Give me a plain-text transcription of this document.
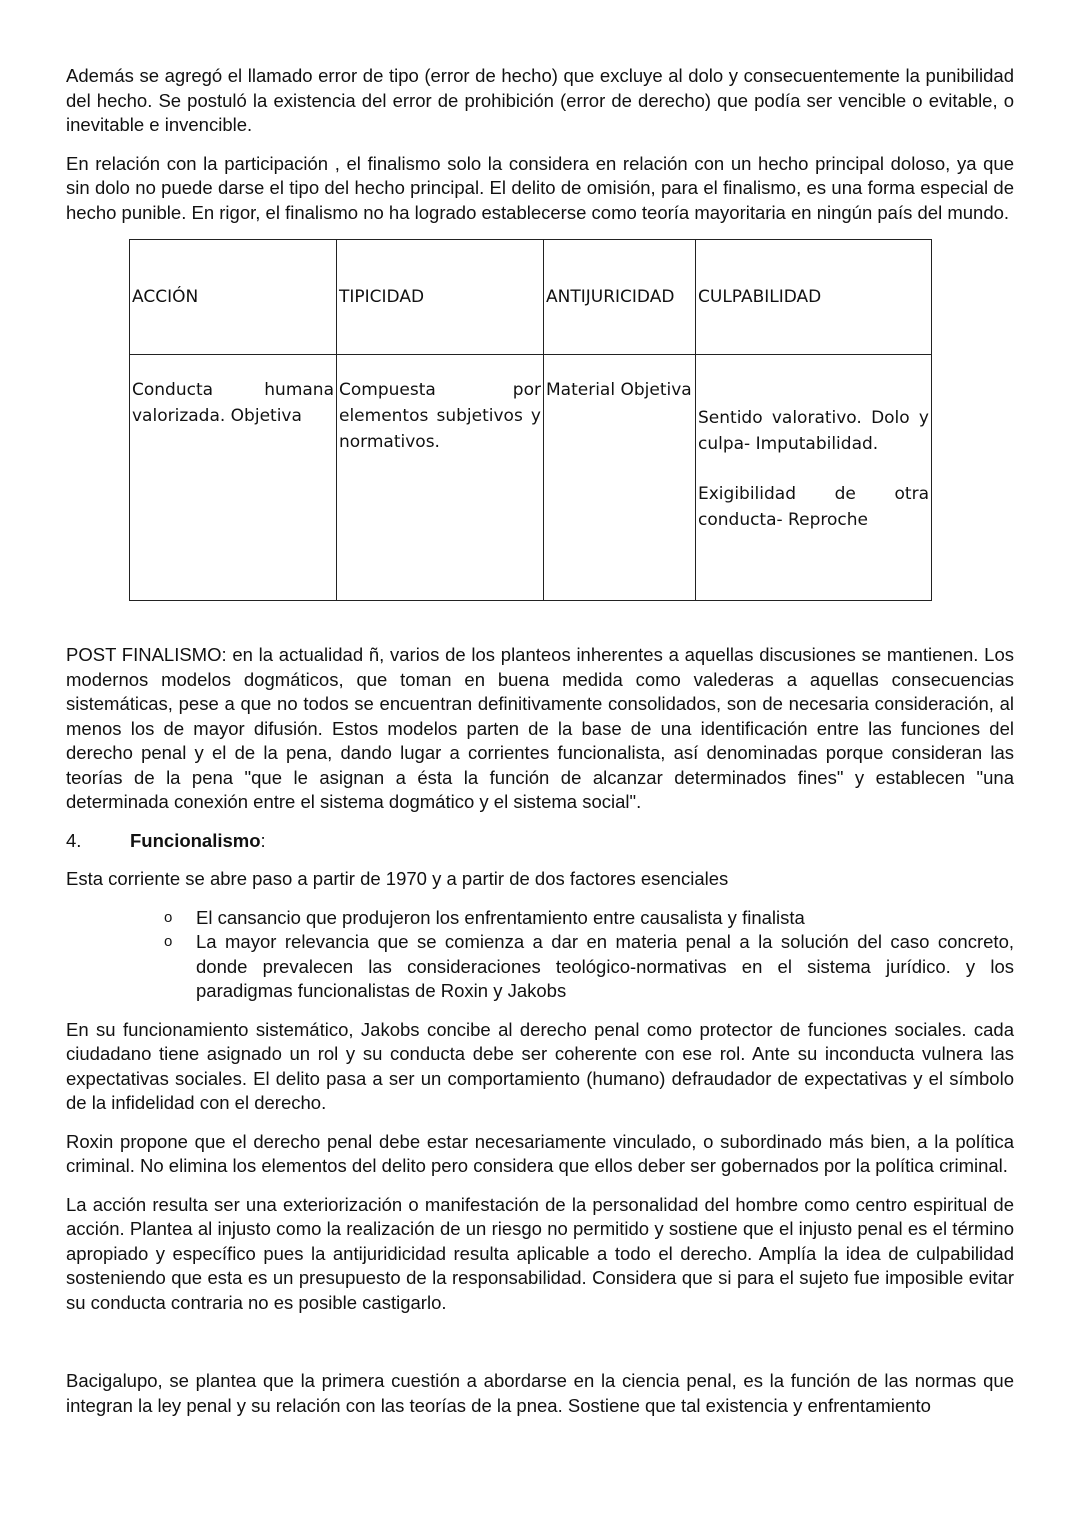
Además se agregó el llamado error de tipo (error de hecho) que excluye al dolo y consecuentemente la punibilidad del hecho. Se postuló la existencia del error de prohibición (error de derecho) que podía ser vencible o evitable, o inevitable e invencible.

En relación con la participación , el finalismo solo la considera en relación con un hecho principal doloso, ya que sin dolo no puede darse el tipo del hecho principal. El delito de omisión, para el finalismo, es una forma especial de hecho punible. En rigor, el finalismo no ha logrado establecerse como teoría mayoritaria en ningún país del mundo.

ACCIÓN	TIPICIDAD	ANTIJURICIDAD	CULPABILIDAD
Conducta humana valorizada. Objetiva	Compuesta por elementos subjetivos y normativos.	Material Objetiva	Sentido valorativo. Dolo y culpa- Imputabilidad.
Exigibilidad de otra conducta- Reproche

POST FINALISMO: en la actualidad ñ, varios de los planteos inherentes a aquellas discusiones se mantienen. Los modernos modelos dogmáticos, que toman en buena medida como valederas a aquellas consecuencias sistemáticas, pese a que no todos se encuentran definitivamente consolidados, son de necesaria consideración, al menos los de mayor difusión. Estos modelos parten de la base de una identificación entre las funciones del derecho penal y el de la pena, dando lugar a corrientes funcionalista, así denominadas porque consideran las teorías de la pena "que le asignan a ésta la función de alcanzar determinados fines" y establecen "una determinada conexión entre el sistema dogmático y el sistema social".

4.	Funcionalismo:

Esta corriente se abre paso a partir de 1970 y a partir de dos factores esenciales

o El cansancio que produjeron los enfrentamiento entre causalista y finalista
o La mayor relevancia que se comienza a dar en materia penal a la solución del caso concreto, donde prevalecen las consideraciones teológico-normativas en el sistema jurídico. y los paradigmas funcionalistas de Roxin y Jakobs

En su funcionamiento sistemático, Jakobs concibe al derecho penal como protector de funciones sociales. cada ciudadano tiene asignado un rol y su conducta debe ser coherente con ese rol. Ante su inconducta vulnera las expectativas sociales. El delito pasa a ser un comportamiento (humano) defraudador de expectativas y el símbolo de la infidelidad con el derecho.

Roxin propone que el derecho penal debe estar necesariamente vinculado, o subordinado más bien, a la política criminal. No elimina los elementos del delito pero considera que ellos deber ser gobernados por la política criminal.

La acción resulta ser una exteriorización o manifestación de la personalidad del hombre como centro espiritual de acción. Plantea al injusto como la realización de un riesgo no permitido y sostiene que el injusto penal es el término apropiado y específico pues la antijuridicidad resulta aplicable a todo el derecho. Amplía la idea de culpabilidad sosteniendo que esta es un presupuesto de la responsabilidad. Considera que si para el sujeto fue imposible evitar su conducta contraria no es posible castigarlo.

Bacigalupo, se plantea que la primera cuestión a abordarse en la ciencia penal, es la función de las normas que integran la ley penal y su relación con las teorías de la pnea. Sostiene que tal existencia y enfrentamiento
